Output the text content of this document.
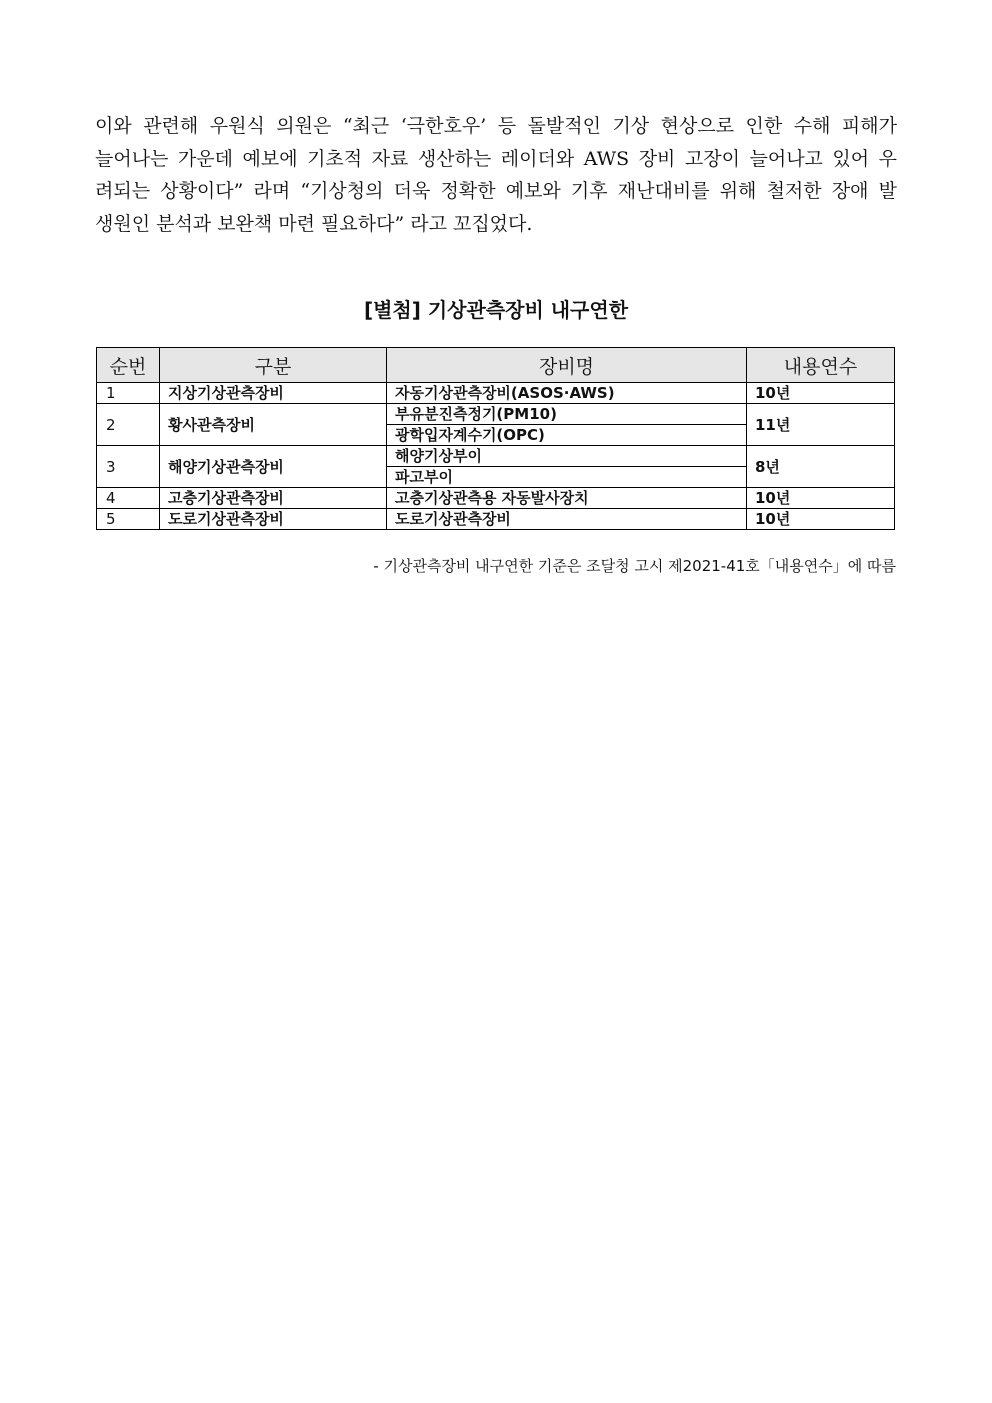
이와 관련해 우원식 의원은 “최근 ‘극한호우’ 등 돌발적인 기상 현상으로 인한 수해 피해가
늘어나는 가운데 예보에 기초적 자료 생산하는 레이더와 AWS 장비 고장이 늘어나고 있어 우
려되는 상황이다” 라며 “기상청의 더욱 정확한 예보와 기후 재난대비를 위해 철저한 장애 발
생원인 분석과 보완책 마련 필요하다” 라고 꼬집었다.
[별첨] 기상관측장비 내구연한
순번	구분	장비명	내용연수
1	지상기상관측장비	자동기상관측장비(ASOS·AWS)	10년
2	황사관측장비	부유분진측정기(PM10)	11년
		광학입자계수기(OPC)	
3	해양기상관측장비	해양기상부이	8년
		파고부이	
4	고층기상관측장비	고층기상관측용 자동발사장치	10년
5	도로기상관측장비	도로기상관측장비	10년
- 기상관측장비 내구연한 기준은 조달청 고시 제2021-41호「내용연수」에 따름
